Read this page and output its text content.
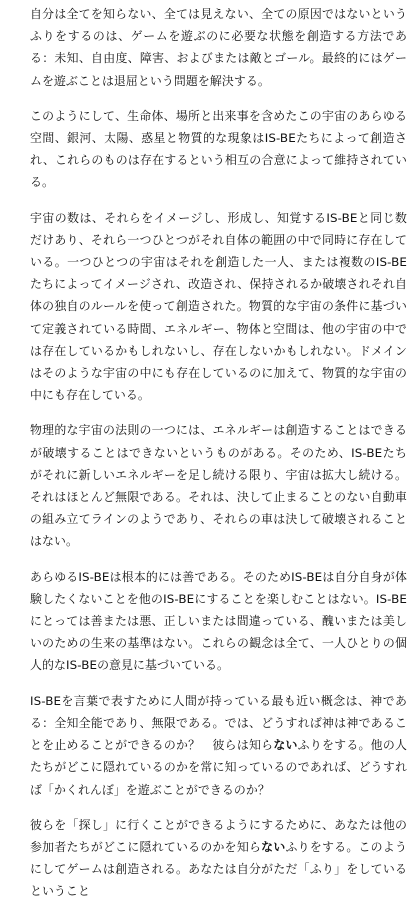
自分は全てを知らない、全ては見えない、全ての原因ではないというふりをするのは、ゲームを遊ぶのに必要な状態を創造する方法である：未知、自由度、障害、およびまたは敵とゴール。最終的にはゲームを遊ぶことは退屈という問題を解決する。

このようにして、生命体、場所と出来事を含めたこの宇宙のあらゆる空間、銀河、太陽、惑星と物質的な現象はIS-BEたちによって創造され、これらのものは存在するという相互の合意によって維持されている。

宇宙の数は、それらをイメージし、形成し、知覚するIS-BEと同じ数だけあり、それら一つひとつがそれ自体の範囲の中で同時に存在している。一つひとつの宇宙はそれを創造した一人、または複数のIS-BEたちによってイメージされ、改造され、保持されるか破壊されそれ自体の独自のルールを使って創造された。物質的な宇宙の条件に基づいて定義されている時間、エネルギー、物体と空間は、他の宇宙の中では存在しているかもしれないし、存在しないかもしれない。ドメインはそのような宇宙の中にも存在しているのに加えて、物質的な宇宙の中にも存在している。

物理的な宇宙の法則の一つには、エネルギーは創造することはできるが破壊することはできないというものがある。そのため、IS-BEたちがそれに新しいエネルギーを足し続ける限り、宇宙は拡大し続ける。それはほとんど無限である。それは、決して止まることのない自動車の組み立てラインのようであり、それらの車は決して破壊されることはない。

あらゆるIS-BEは根本的には善である。そのためIS-BEは自分自身が体験したくないことを他のIS-BEにすることを楽しむことはない。IS-BEにとっては善または悪、正しいまたは間違っている、醜いまたは美しいのための生来の基準はない。これらの観念は全て、一人ひとりの個人的なIS-BEの意見に基づいている。

IS-BEを言葉で表すために人間が持っている最も近い概念は、神である：全知全能であり、無限である。では、どうすれば神は神であることを止めることができるのか？　彼らは知らないふりをする。他の人たちがどこに隠れているのかを常に知っているのであれば、どうすれば「かくれんぼ」を遊ぶことができるのか？

彼らを「探し」に行くことができるようにするために、あなたは他の参加者たちがどこに隠れているのかを知らないふりをする。このようにしてゲームは創造される。あなたは自分がただ「ふり」をしているということ
